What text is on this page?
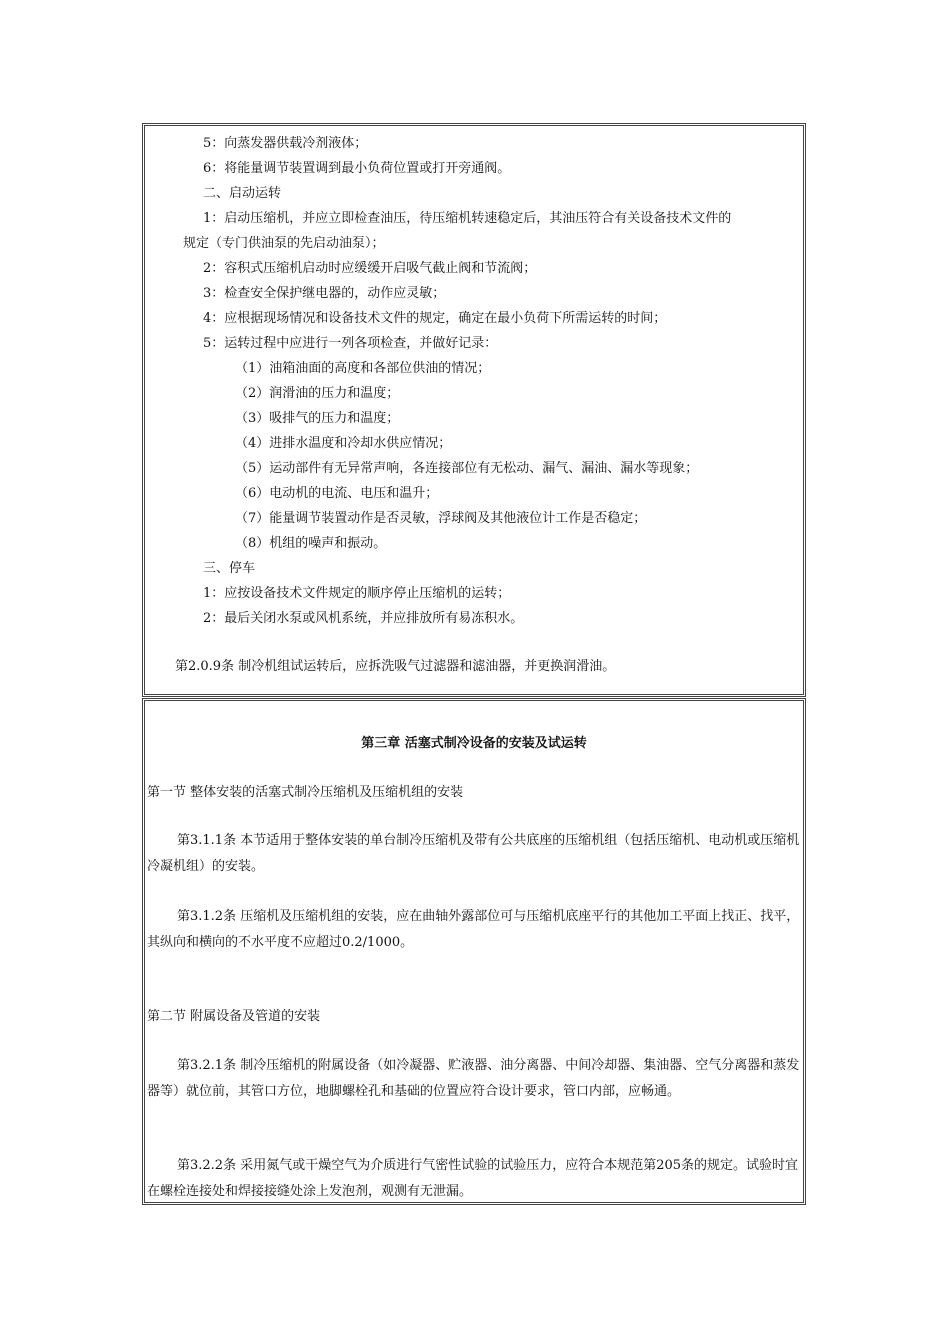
5：向蒸发器供载冷剂液体；
6：将能量调节装置调到最小负荷位置或打开旁通阀。
二、启动运转
1：启动压缩机，并应立即检查油压，待压缩机转速稳定后，其油压符合有关设备技术文件的
规定（专门供油泵的先启动油泵）；
2：容积式压缩机启动时应缓缓开启吸气截止阀和节流阀；
3：检查安全保护继电器的，动作应灵敏；
4：应根据现场情况和设备技术文件的规定，确定在最小负荷下所需运转的时间；
5：运转过程中应进行一列各项检查，并做好记录：
（1）油箱油面的高度和各部位供油的情况；
（2）润滑油的压力和温度；
（3）吸排气的压力和温度；
（4）进排水温度和冷却水供应情况；
（5）运动部件有无异常声响，各连接部位有无松动、漏气、漏油、漏水等现象；
（6）电动机的电流、电压和温升；
（7）能量调节装置动作是否灵敏，浮球阀及其他液位计工作是否稳定；
（8）机组的噪声和振动。
三、停车
1：应按设备技术文件规定的顺序停止压缩机的运转；
2：最后关闭水泵或风机系统，并应排放所有易冻积水。
第2.0.9条 制冷机组试运转后，应拆洗吸气过滤器和滤油器，并更换润滑油。
第三章 活塞式制冷设备的安装及试运转
第一节 整体安装的活塞式制冷压缩机及压缩机组的安装
第3.1.1条 本节适用于整体安装的单台制冷压缩机及带有公共底座的压缩机组（包括压缩机、电动机或压缩机冷凝机组）的安装。
第3.1.2条 压缩机及压缩机组的安装，应在曲轴外露部位可与压缩机底座平行的其他加工平面上找正、找平，其纵向和横向的不水平度不应超过0.2/1000。
第二节 附属设备及管道的安装
第3.2.1条 制冷压缩机的附属设备（如冷凝器、贮液器、油分离器、中间冷却器、集油器、空气分离器和蒸发器等）就位前，其管口方位，地脚螺栓孔和基础的位置应符合设计要求，管口内部，应畅通。
第3.2.2条 采用氮气或干燥空气为介质进行气密性试验的试验压力，应符合本规范第205条的规定。试验时宜在螺栓连接处和焊接接缝处涂上发泡剂，观测有无泄漏。
